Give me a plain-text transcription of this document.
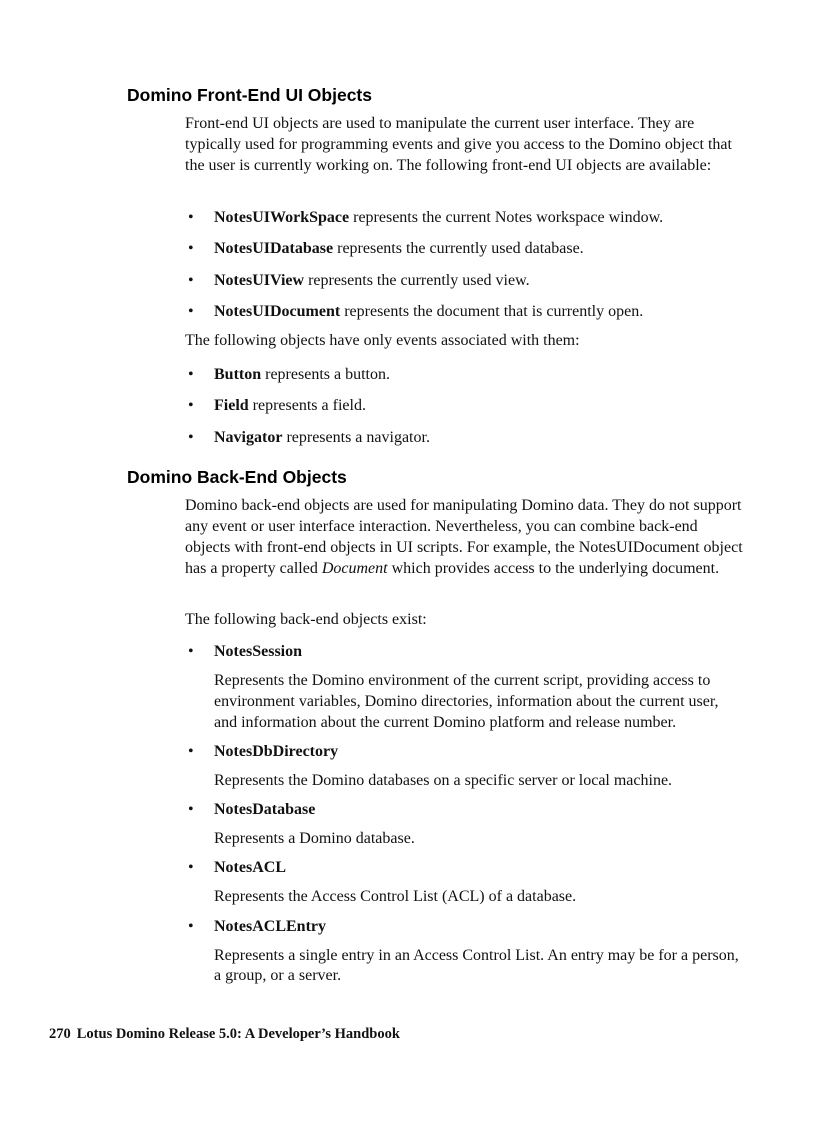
Domino Front-End UI Objects

Front-end UI objects are used to manipulate the current user interface. They are typically used for programming events and give you access to the Domino object that the user is currently working on. The following front-end UI objects are available:

• NotesUIWorkSpace represents the current Notes workspace window.
• NotesUIDatabase represents the currently used database.
• NotesUIView represents the currently used view.
• NotesUIDocument represents the document that is currently open.

The following objects have only events associated with them:

• Button represents a button.
• Field represents a field.
• Navigator represents a navigator.
Domino Back-End Objects

Domino back-end objects are used for manipulating Domino data. They do not support any event or user interface interaction. Nevertheless, you can combine back-end objects with front-end objects in UI scripts. For example, the NotesUIDocument object has a property called Document which provides access to the underlying document.

The following back-end objects exist:

• NotesSession
Represents the Domino environment of the current script, providing access to environment variables, Domino directories, information about the current user, and information about the current Domino platform and release number.
• NotesDbDirectory
Represents the Domino databases on a specific server or local machine.
• NotesDatabase
Represents a Domino database.
• NotesACL
Represents the Access Control List (ACL) of a database.
• NotesACLEntry
Represents a single entry in an Access Control List. An entry may be for a person, a group, or a server.
270 Lotus Domino Release 5.0: A Developer’s Handbook
